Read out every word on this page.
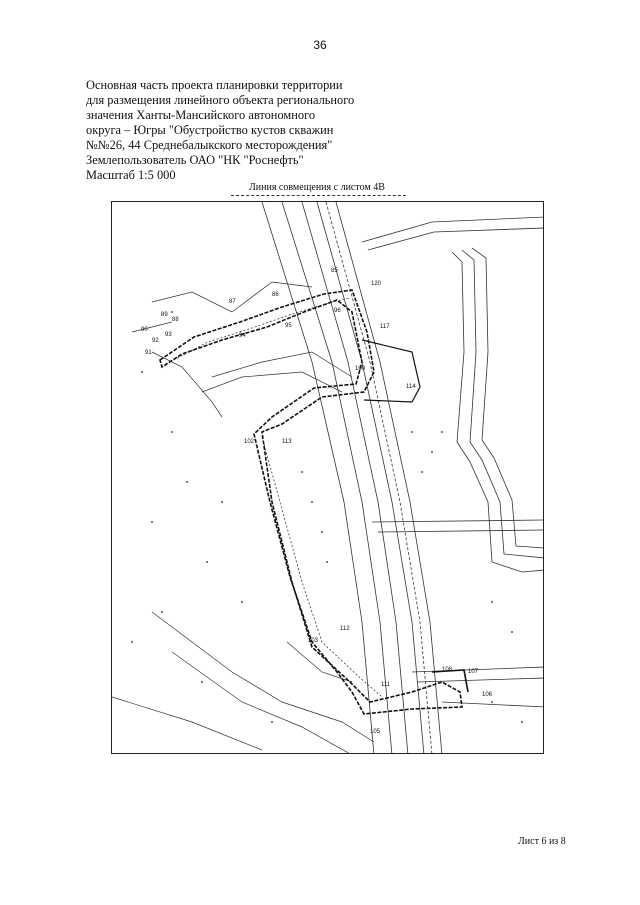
36
Основная часть проекта планировки территории
для размещения линейного объекта регионального
значения Ханты-Мансийского автономного
округа – Югры "Обустройство кустов скважин
№№26, 44 Среднебалыкского месторождения"
Землепользователь ОАО "НК "Роснефть"
Масштаб 1:5 000
Линия совмещения с листом 4В
85
86
87
88
89
90
91
92
93	94
95
96
100
102
103
105
106
107
108
111
112
113
114
117
120
Лист 6 из 8
